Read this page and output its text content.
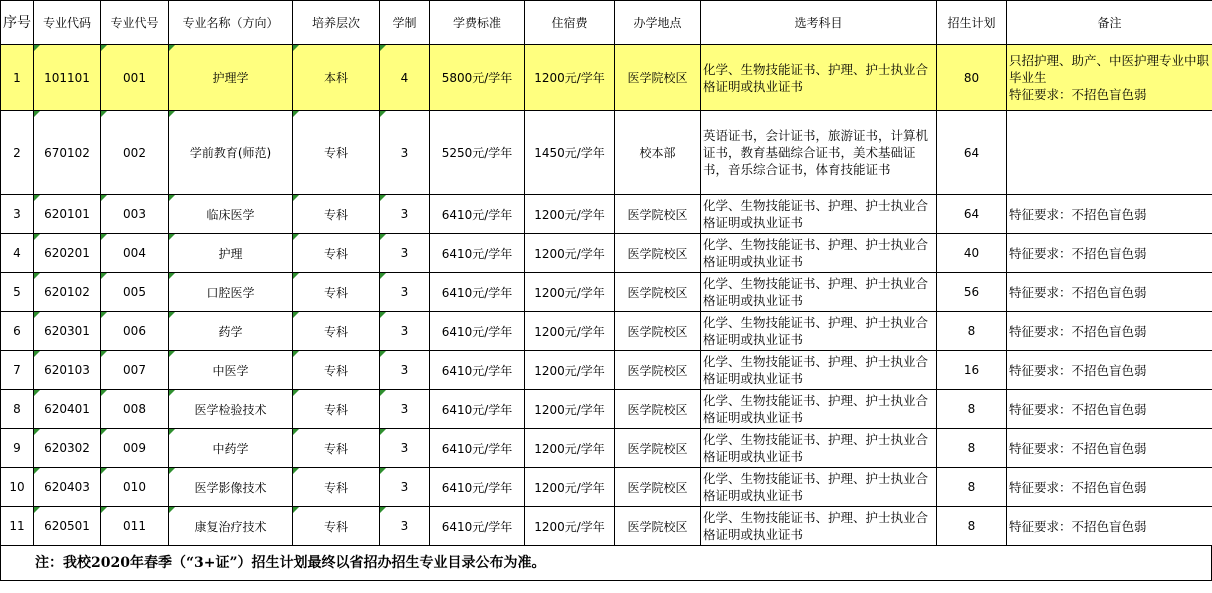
序号	专业代码	专业代号	专业名称（方向）	培养层次	学制	学费标准	住宿费	办学地点	选考科目	招生计划	备注
1	101101	001	护理学	本科	4	5800元/学年	1200元/学年	医学院校区	化学、生物技能证书、护理、护士执业合格证明或执业证书	80	只招护理、助产、中医护理专业中职毕业生
特征要求：不招色盲色弱
2	670102	002	学前教育(师范)	专科	3	5250元/学年	1450元/学年	校本部	英语证书，会计证书，旅游证书，计算机证书，教育基础综合证书，美术基础证书，音乐综合证书，体育技能证书	64	
3	620101	003	临床医学	专科	3	6410元/学年	1200元/学年	医学院校区	化学、生物技能证书、护理、护士执业合格证明或执业证书	64	特征要求：不招色盲色弱
4	620201	004	护理	专科	3	6410元/学年	1200元/学年	医学院校区	化学、生物技能证书、护理、护士执业合格证明或执业证书	40	特征要求：不招色盲色弱
5	620102	005	口腔医学	专科	3	6410元/学年	1200元/学年	医学院校区	化学、生物技能证书、护理、护士执业合格证明或执业证书	56	特征要求：不招色盲色弱
6	620301	006	药学	专科	3	6410元/学年	1200元/学年	医学院校区	化学、生物技能证书、护理、护士执业合格证明或执业证书	8	特征要求：不招色盲色弱
7	620103	007	中医学	专科	3	6410元/学年	1200元/学年	医学院校区	化学、生物技能证书、护理、护士执业合格证明或执业证书	16	特征要求：不招色盲色弱
8	620401	008	医学检验技术	专科	3	6410元/学年	1200元/学年	医学院校区	化学、生物技能证书、护理、护士执业合格证明或执业证书	8	特征要求：不招色盲色弱
9	620302	009	中药学	专科	3	6410元/学年	1200元/学年	医学院校区	化学、生物技能证书、护理、护士执业合格证明或执业证书	8	特征要求：不招色盲色弱
10	620403	010	医学影像技术	专科	3	6410元/学年	1200元/学年	医学院校区	化学、生物技能证书、护理、护士执业合格证明或执业证书	8	特征要求：不招色盲色弱
11	620501	011	康复治疗技术	专科	3	6410元/学年	1200元/学年	医学院校区	化学、生物技能证书、护理、护士执业合格证明或执业证书	8	特征要求：不招色盲色弱
注：我校2020年春季（“3+证”）招生计划最终以省招办招生专业目录公布为准。
